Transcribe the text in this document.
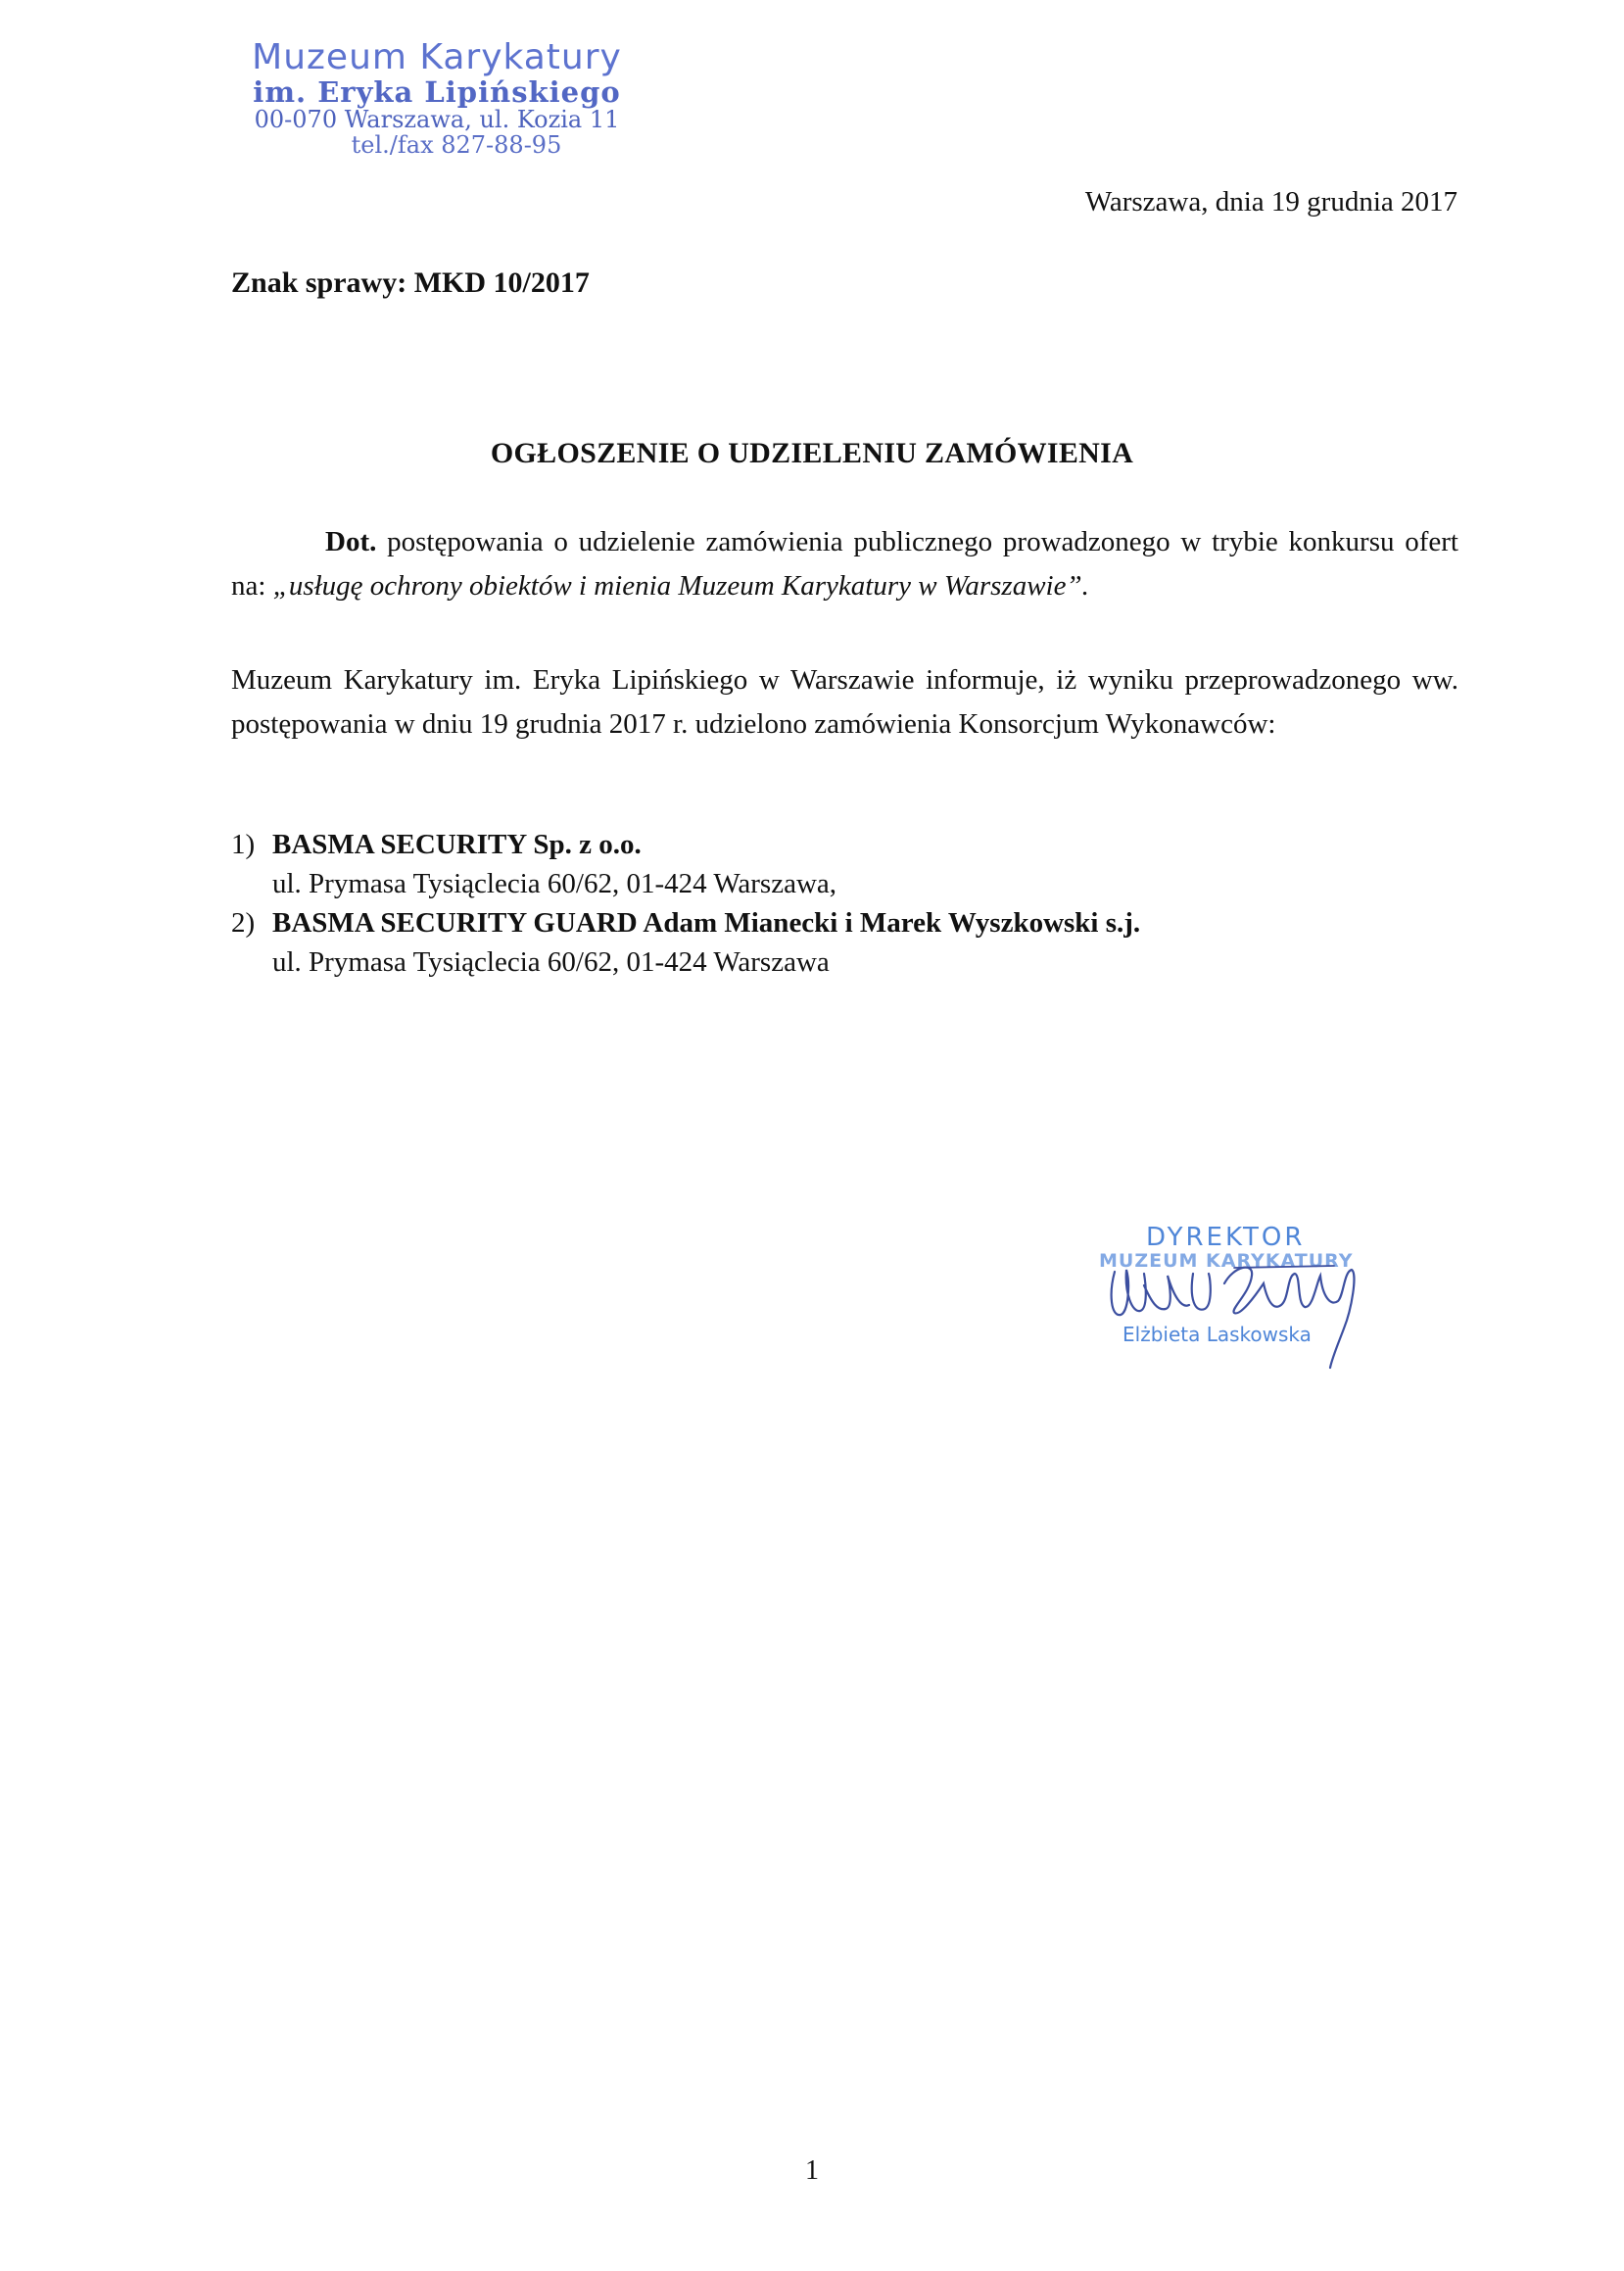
Muzeum Karykatury
im. Eryka Lipińskiego
00-070 Warszawa, ul. Kozia 11
tel./fax 827-88-95
Warszawa, dnia 19 grudnia 2017
Znak sprawy: MKD 10/2017
OGŁOSZENIE O UDZIELENIU ZAMÓWIENIA
Dot. postępowania o udzielenie zamówienia publicznego prowadzonego w trybie konkursu ofert na: „usługę ochrony obiektów i mienia Muzeum Karykatury w Warszawie”.
Muzeum Karykatury im. Eryka Lipińskiego w Warszawie informuje, iż wyniku przeprowadzonego ww. postępowania w dniu 19 grudnia 2017 r. udzielono zamówienia Konsorcjum Wykonawców:
1) BASMA SECURITY Sp. z o.o.
ul. Prymasa Tysiąclecia 60/62, 01-424 Warszawa,
2) BASMA SECURITY GUARD Adam Mianecki i Marek Wyszkowski s.j.
ul. Prymasa Tysiąclecia 60/62, 01-424 Warszawa
DYREKTOR
MUZEUM KARYKATURY
Elżbieta Laskowska
1
